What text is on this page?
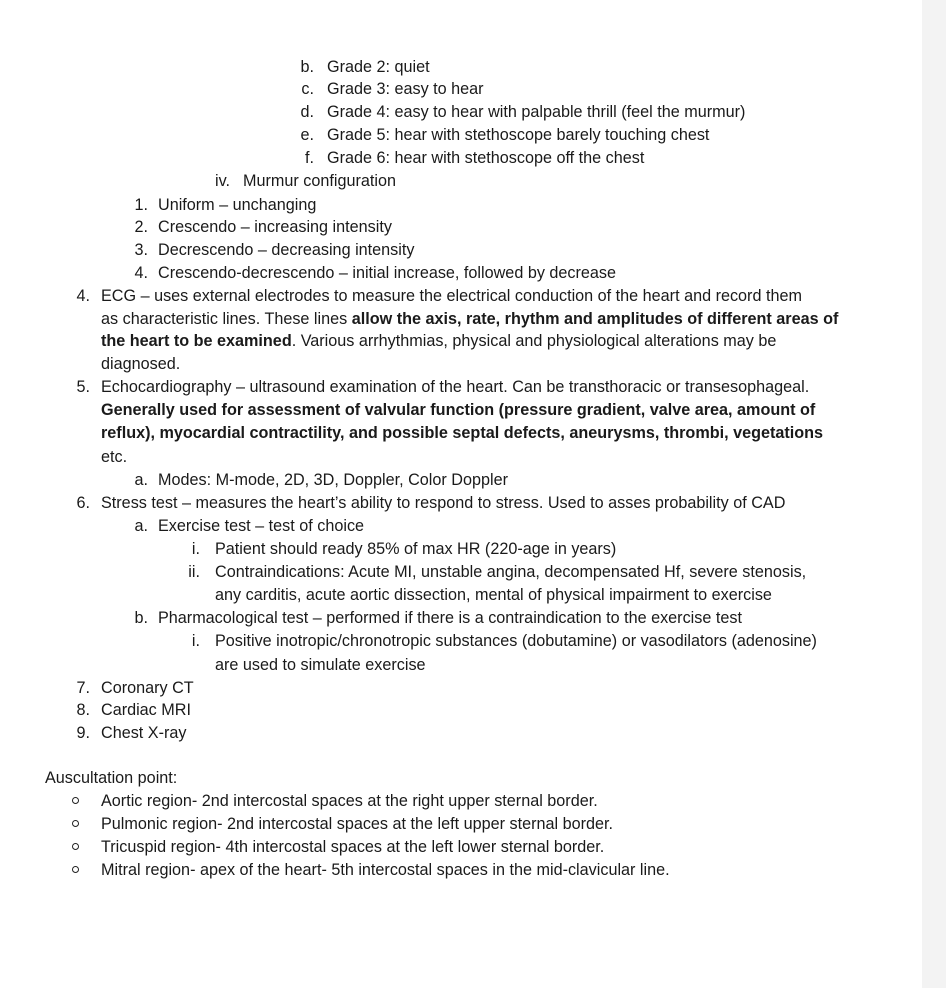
b. Grade 2: quiet
c. Grade 3: easy to hear
d. Grade 4: easy to hear with palpable thrill (feel the murmur)
e. Grade 5: hear with stethoscope barely touching chest
f. Grade 6: hear with stethoscope off the chest
iv. Murmur configuration
1. Uniform – unchanging
2. Crescendo – increasing intensity
3. Decrescendo – decreasing intensity
4. Crescendo-decrescendo – initial increase, followed by decrease
4. ECG – uses external electrodes to measure the electrical conduction of the heart and record them
as characteristic lines. These lines allow the axis, rate, rhythm and amplitudes of different areas of
the heart to be examined. Various arrhythmias, physical and physiological alterations may be
diagnosed.
5. Echocardiography – ultrasound examination of the heart. Can be transthoracic or transesophageal.
Generally used for assessment of valvular function (pressure gradient, valve area, amount of
reflux), myocardial contractility, and possible septal defects, aneurysms, thrombi, vegetations
etc.
a. Modes: M-mode, 2D, 3D, Doppler, Color Doppler
6. Stress test – measures the heart’s ability to respond to stress. Used to asses probability of CAD
a. Exercise test – test of choice
i. Patient should ready 85% of max HR (220-age in years)
ii. Contraindications: Acute MI, unstable angina, decompensated Hf, severe stenosis,
any carditis, acute aortic dissection, mental of physical impairment to exercise
b. Pharmacological test – performed if there is a contraindication to the exercise test
i. Positive inotropic/chronotropic substances (dobutamine) or vasodilators (adenosine)
are used to simulate exercise
7. Coronary CT
8. Cardiac MRI
9. Chest X-ray
Auscultation point:
Aortic region- 2nd intercostal spaces at the right upper sternal border.
Pulmonic region- 2nd intercostal spaces at the left upper sternal border.
Tricuspid region- 4th intercostal spaces at the left lower sternal border.
Mitral region- apex of the heart- 5th intercostal spaces in the mid-clavicular line.
